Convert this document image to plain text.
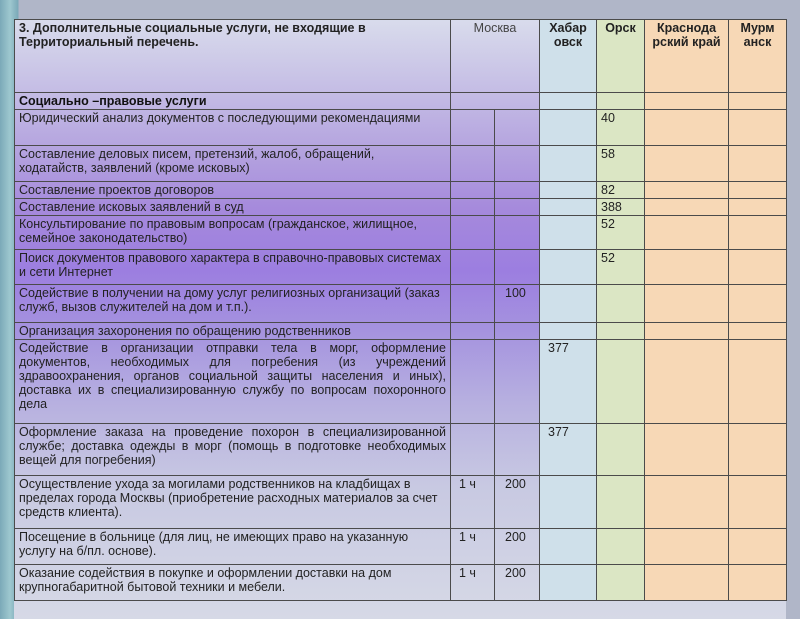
3. Дополнительные социальные услуги, не входящие в Территориальный перечень.	Москва		Хабар овск	Орск	Краснода рский край	Мурм анск
Социально –правовые услуги						
Юридический анализ документов с последующими рекомендациями				40		
Составление деловых писем, претензий, жалоб, обращений, ходатайств, заявлений (кроме исковых)				58		
Составление проектов договоров				82		
Составление исковых заявлений в суд				388		
Консультирование по правовым вопросам (гражданское, жилищное, семейное законодательство)				52		
Поиск документов правового характера в справочно-правовых системах и сети Интернет				52		
Содействие в получении на дому услуг религиозных организаций (заказ служб, вызов служителей на дом и т.п.).		100				
Организация захоронения по обращению родственников						
Содействие в организации отправки тела в морг, оформление документов, необходимых для погребения (из учреждений здравоохранения, органов социальной защиты населения и иных), доставка их в специализированную службу по вопросам похоронного дела			377			
Оформление заказа на проведение похорон в специализированной службе; доставка одежды в морг (помощь в подготовке необходимых вещей для погребения)			377			
Осуществление ухода за могилами родственников на кладбищах в пределах города Москвы (приобретение расходных материалов за счет средств клиента).	1 ч	200				
Посещение в больнице (для лиц, не имеющих право на указанную услугу на б/пл. основе).	1 ч	200				
Оказание содействия в покупке и оформлении доставки на дом крупногабаритной бытовой техники и мебели.	1 ч	200				
